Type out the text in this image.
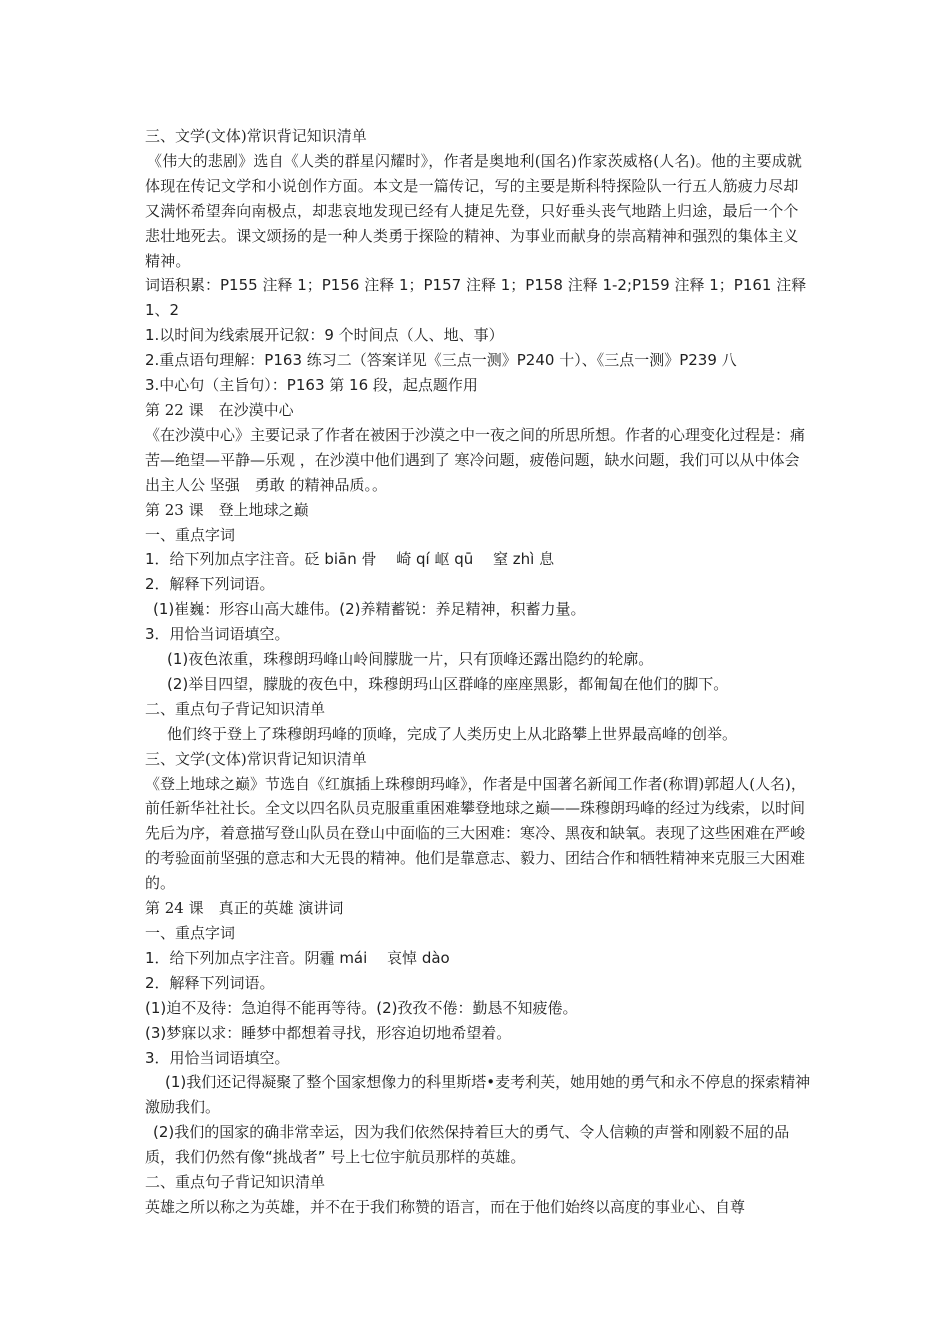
三、文学(文体)常识背记知识清单
《伟大的悲剧》选自《人类的群星闪耀时》，作者是奥地利(国名)作家茨威格(人名)。他的主要成就体现在传记文学和小说创作方面。本文是一篇传记，写的主要是斯科特探险队一行五人筋疲力尽却又满怀希望奔向南极点，却悲哀地发现已经有人捷足先登，只好垂头丧气地踏上归途，最后一个个悲壮地死去。课文颂扬的是一种人类勇于探险的精神、为事业而献身的崇高精神和强烈的集体主义精神。
词语积累：P155 注释 1；P156 注释 1；P157 注释 1；P158 注释 1-2;P159 注释 1；P161 注释 1、2
1.以时间为线索展开记叙：9 个时间点（人、地、事）
2.重点语句理解：P163 练习二（答案详见《三点一测》P240 十）、《三点一测》P239 八
3.中心句（主旨句）：P163 第 16 段，起点题作用
第 22 课　在沙漠中心
《在沙漠中心》主要记录了作者在被困于沙漠之中一夜之间的所思所想。作者的心理变化过程是：痛苦—绝望—平静—乐观 ，在沙漠中他们遇到了 寒冷问题，疲倦问题，缺水问题，我们可以从中体会出主人公 坚强　勇敢 的精神品质。。
第 23 课　登上地球之巅
一、重点字词
1．给下列加点字注音。砭 biān 骨　 崎 qí 岖 qū　 窒 zhì 息
2．解释下列词语。
(1)崔巍：形容山高大雄伟。(2)养精蓄锐：养足精神，积蓄力量。
3．用恰当词语填空。
(1)夜色浓重，珠穆朗玛峰山岭间朦胧一片，只有顶峰还露出隐约的轮廓。
(2)举目四望，朦胧的夜色中，珠穆朗玛山区群峰的座座黑影，都匍匐在他们的脚下。
二、重点句子背记知识清单
他们终于登上了珠穆朗玛峰的顶峰，完成了人类历史上从北路攀上世界最高峰的创举。
三、文学(文体)常识背记知识清单
《登上地球之巅》节选自《红旗插上珠穆朗玛峰》，作者是中国著名新闻工作者(称谓)郭超人(人名)，前任新华社社长。全文以四名队员克服重重困难攀登地球之巅——珠穆朗玛峰的经过为线索，以时间先后为序，着意描写登山队员在登山中面临的三大困难：寒冷、黑夜和缺氧。表现了这些困难在严峻的考验面前坚强的意志和大无畏的精神。他们是靠意志、毅力、团结合作和牺牲精神来克服三大困难的。
第 24 课　真正的英雄 演讲词
一、重点字词
1．给下列加点字注音。阴霾 mái　 哀悼 dào
2．解释下列词语。
(1)迫不及待：急迫得不能再等待。(2)孜孜不倦：勤恳不知疲倦。
(3)梦寐以求：睡梦中都想着寻找，形容迫切地希望着。
3．用恰当词语填空。
(1)我们还记得凝聚了整个国家想像力的科里斯塔•麦考利芙，她用她的勇气和永不停息的探索精神激励我们。
(2)我们的国家的确非常幸运，因为我们依然保持着巨大的勇气、令人信赖的声誉和刚毅不屈的品质，我们仍然有像“挑战者” 号上七位宇航员那样的英雄。
二、重点句子背记知识清单
英雄之所以称之为英雄，并不在于我们称赞的语言，而在于他们始终以高度的事业心、自尊
